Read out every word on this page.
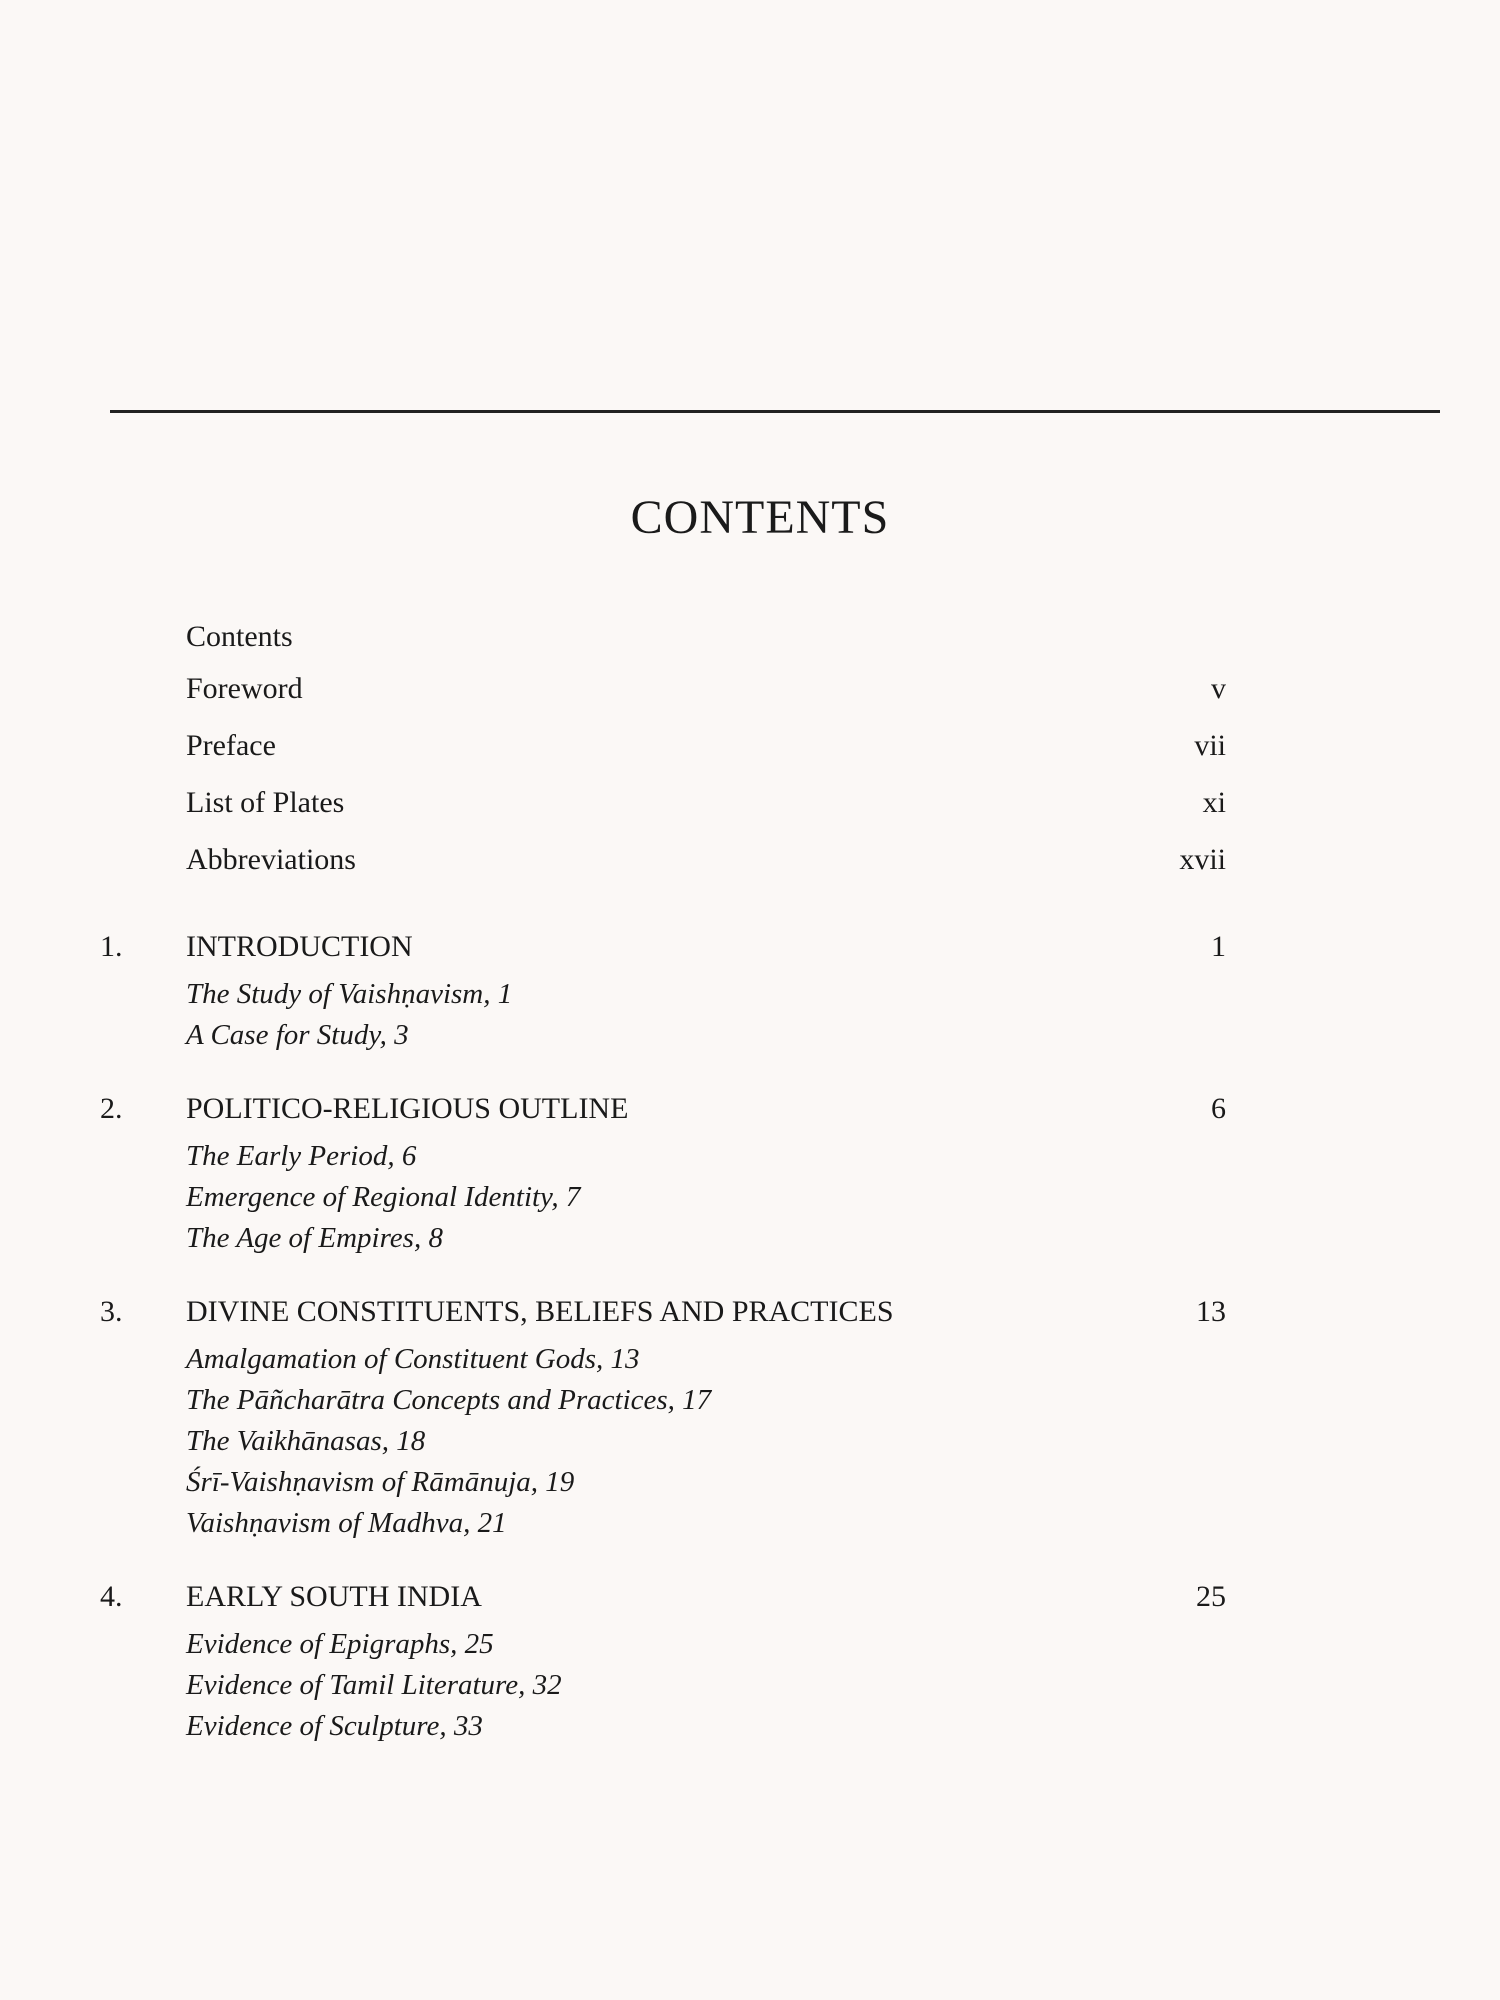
CONTENTS
Contents
Foreword	v
Preface	vii
List of Plates	xi
Abbreviations	xvii
1. INTRODUCTION	1
The Study of Vaishṇavism, 1
A Case for Study, 3
2. POLITICO-RELIGIOUS OUTLINE	6
The Early Period, 6
Emergence of Regional Identity, 7
The Age of Empires, 8
3. DIVINE CONSTITUENTS, BELIEFS AND PRACTICES	13
Amalgamation of Constituent Gods, 13
The Pāñcharātra Concepts and Practices, 17
The Vaikhānasas, 18
Śrī-Vaishṇavism of Rāmānuja, 19
Vaishṇavism of Madhva, 21
4. EARLY SOUTH INDIA	25
Evidence of Epigraphs, 25
Evidence of Tamil Literature, 32
Evidence of Sculpture, 33
